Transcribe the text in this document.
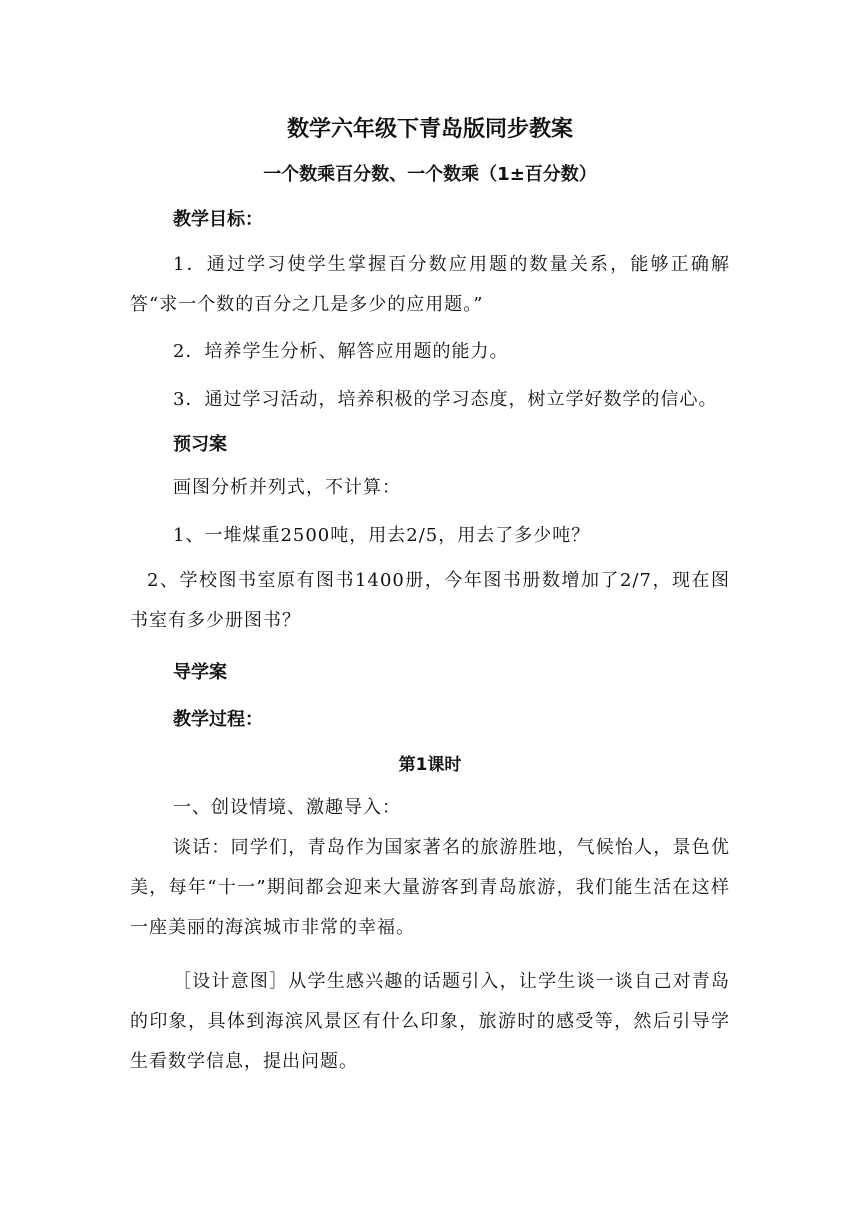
数学六年级下青岛版同步教案
一个数乘百分数、一个数乘（1±百分数）
教学目标：
1．通过学习使学生掌握百分数应用题的数量关系，能够正确解答“求一个数的百分之几是多少的应用题。”
2．培养学生分析、解答应用题的能力。
3．通过学习活动，培养积极的学习态度，树立学好数学的信心。
预习案
画图分析并列式，不计算：
1、一堆煤重2500吨，用去2/5，用去了多少吨？
2、学校图书室原有图书1400册，今年图书册数增加了2/7，现在图书室有多少册图书？
导学案
教学过程：
第1课时
一、创设情境、激趣导入：
谈话：同学们，青岛作为国家著名的旅游胜地，气候怡人，景色优美，每年“十一”期间都会迎来大量游客到青岛旅游，我们能生活在这样一座美丽的海滨城市非常的幸福。
［设计意图］从学生感兴趣的话题引入，让学生谈一谈自己对青岛的印象，具体到海滨风景区有什么印象，旅游时的感受等，然后引导学生看数学信息，提出问题。
